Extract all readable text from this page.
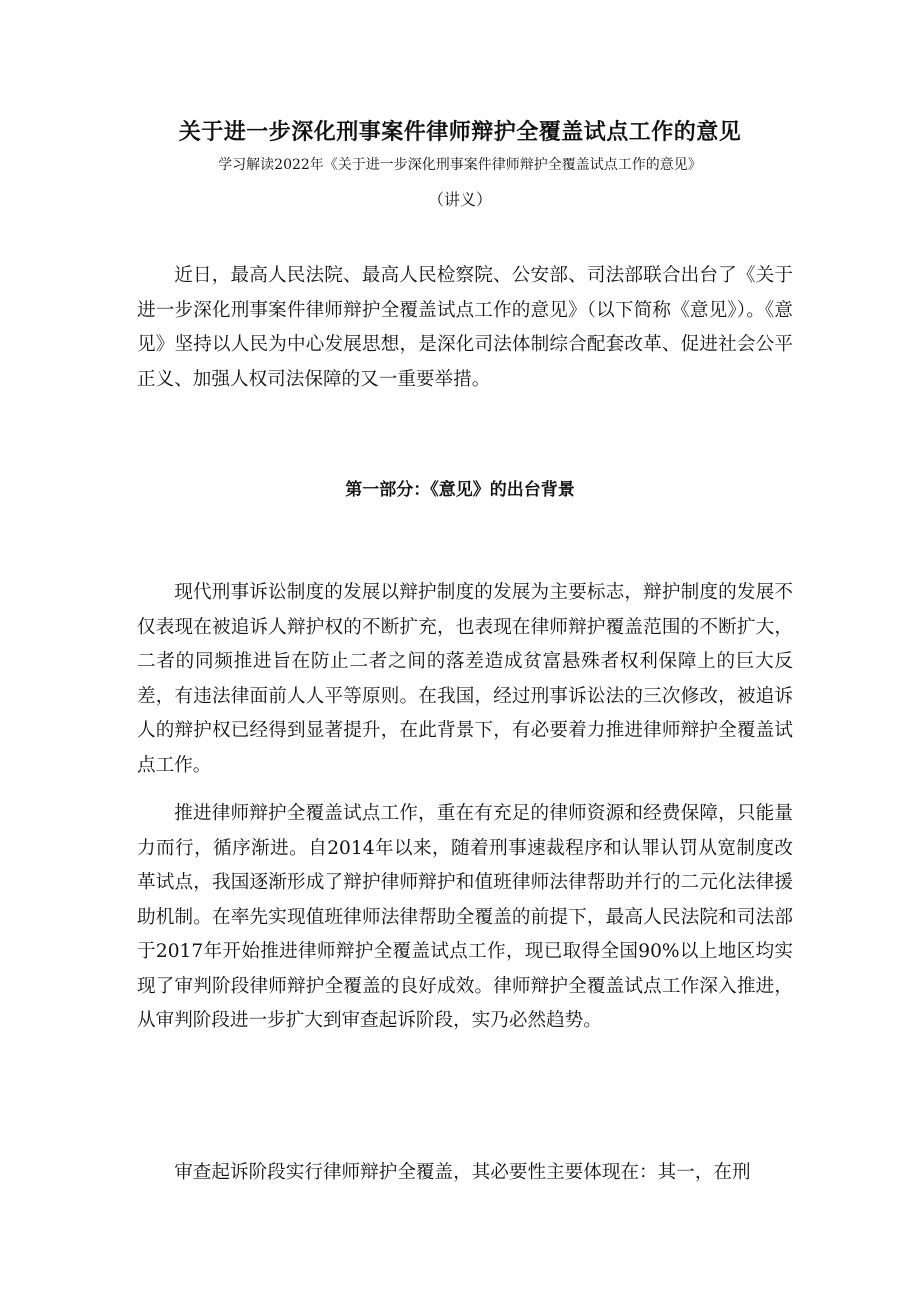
关于进一步深化刑事案件律师辩护全覆盖试点工作的意见
学习解读2022年《关于进一步深化刑事案件律师辩护全覆盖试点工作的意见》
（讲义）

近日，最高人民法院、最高人民检察院、公安部、司法部联合出台了《关于进一步深化刑事案件律师辩护全覆盖试点工作的意见》（以下简称《意见》）。《意见》坚持以人民为中心发展思想，是深化司法体制综合配套改革、促进社会公平正义、加强人权司法保障的又一重要举措。

第一部分：《意见》的出台背景

现代刑事诉讼制度的发展以辩护制度的发展为主要标志，辩护制度的发展不仅表现在被追诉人辩护权的不断扩充，也表现在律师辩护覆盖范围的不断扩大，二者的同频推进旨在防止二者之间的落差造成贫富悬殊者权利保障上的巨大反差，有违法律面前人人平等原则。在我国，经过刑事诉讼法的三次修改，被追诉人的辩护权已经得到显著提升，在此背景下，有必要着力推进律师辩护全覆盖试点工作。

推进律师辩护全覆盖试点工作，重在有充足的律师资源和经费保障，只能量力而行，循序渐进。自2014年以来，随着刑事速裁程序和认罪认罚从宽制度改革试点，我国逐渐形成了辩护律师辩护和值班律师法律帮助并行的二元化法律援助机制。在率先实现值班律师法律帮助全覆盖的前提下，最高人民法院和司法部于2017年开始推进律师辩护全覆盖试点工作，现已取得全国90%以上地区均实现了审判阶段律师辩护全覆盖的良好成效。律师辩护全覆盖试点工作深入推进，从审判阶段进一步扩大到审查起诉阶段，实乃必然趋势。

审查起诉阶段实行律师辩护全覆盖，其必要性主要体现在：其一，在刑
